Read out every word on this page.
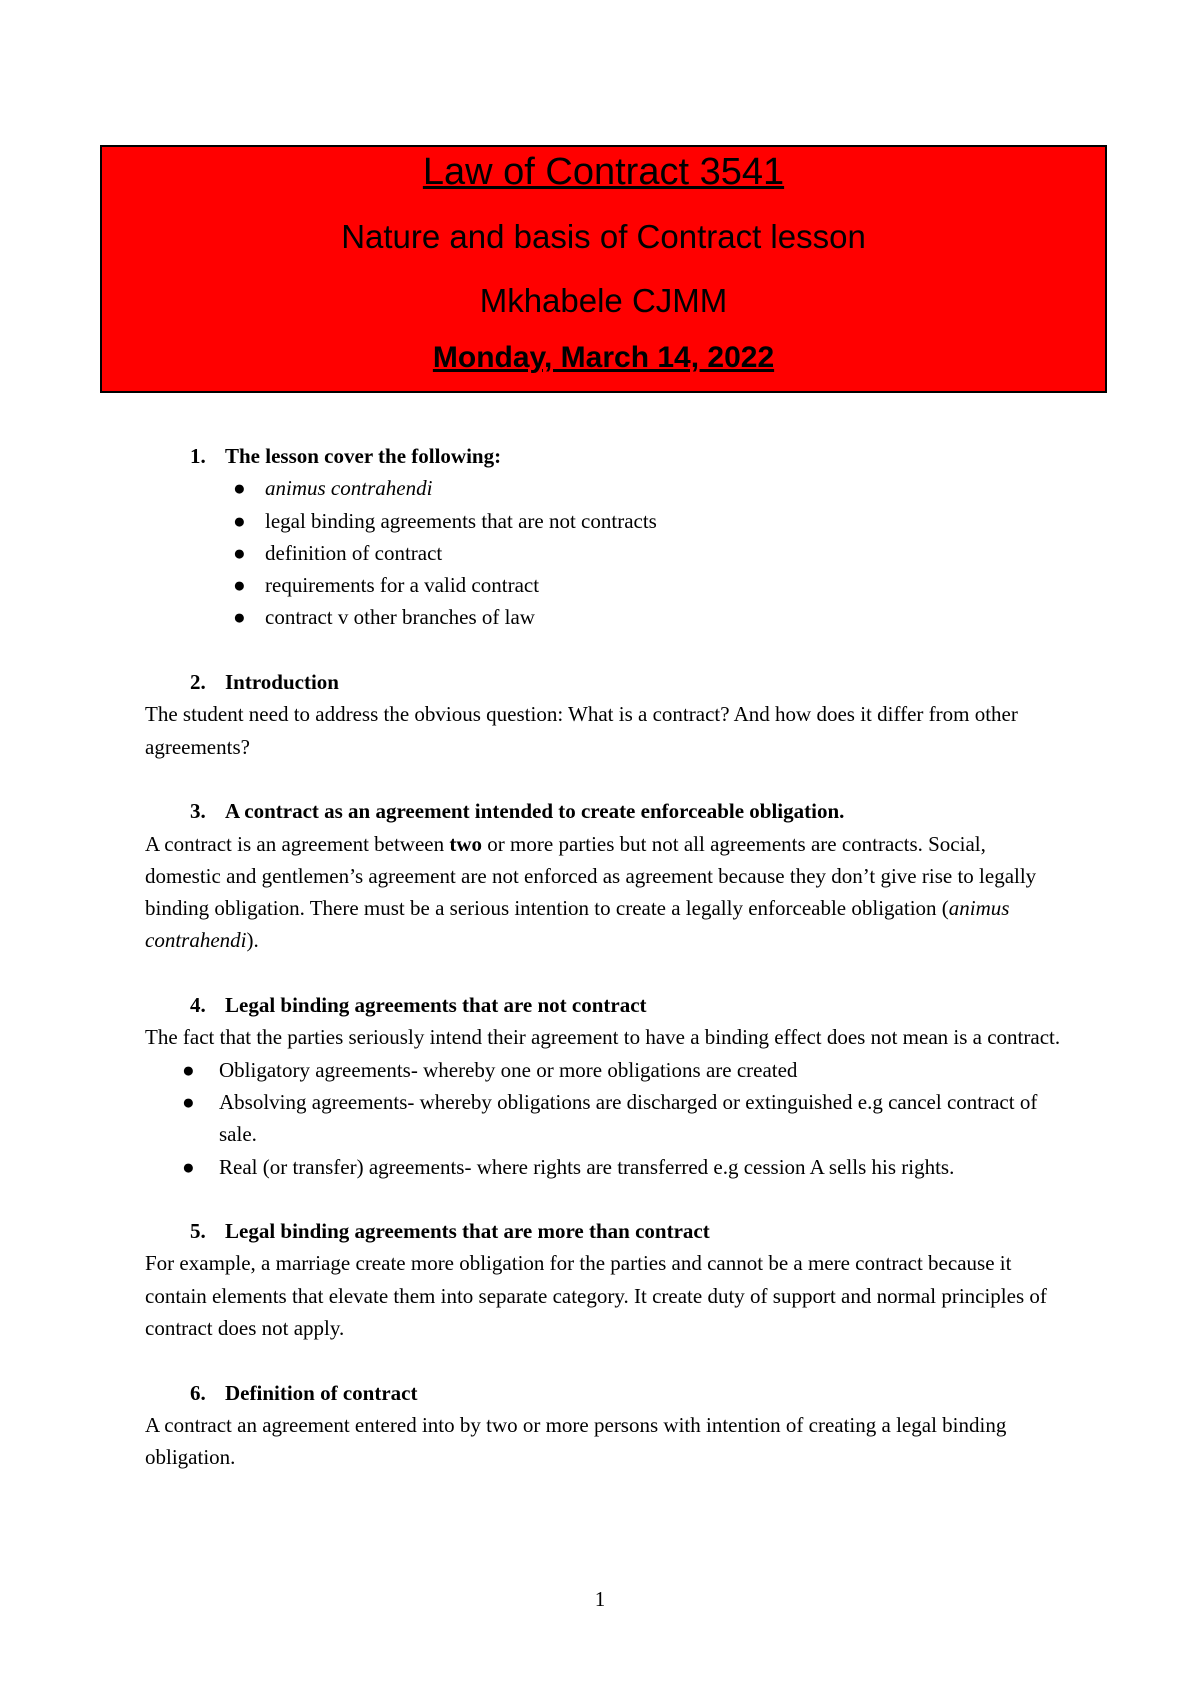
Law of Contract 3541
Nature and basis of Contract lesson
Mkhabele CJMM
Monday, March 14, 2022
1. The lesson cover the following:
● animus contrahendi
● legal binding agreements that are not contracts
● definition of contract
● requirements for a valid contract
● contract v other branches of law
2. Introduction

The student need to address the obvious question: What is a contract? And how does it differ from other agreements?

3. A contract as an agreement intended to create enforceable obligation.

A contract is an agreement between two or more parties but not all agreements are contracts. Social, domestic and gentlemen’s agreement are not enforced as agreement because they don’t give rise to legally binding obligation. There must be a serious intention to create a legally enforceable obligation (animus contrahendi).

4. Legal binding agreements that are not contract

The fact that the parties seriously intend their agreement to have a binding effect does not mean is a contract.

● Obligatory agreements- whereby one or more obligations are created
● Absolving agreements- whereby obligations are discharged or extinguished e.g cancel contract of sale.
● Real (or transfer) agreements- where rights are transferred e.g cession A sells his rights.
5. Legal binding agreements that are more than contract

For example, a marriage create more obligation for the parties and cannot be a mere contract because it contain elements that elevate them into separate category. It create duty of support and normal principles of contract does not apply.

6. Definition of contract

A contract an agreement entered into by two or more persons with intention of creating a legal binding obligation.

1
